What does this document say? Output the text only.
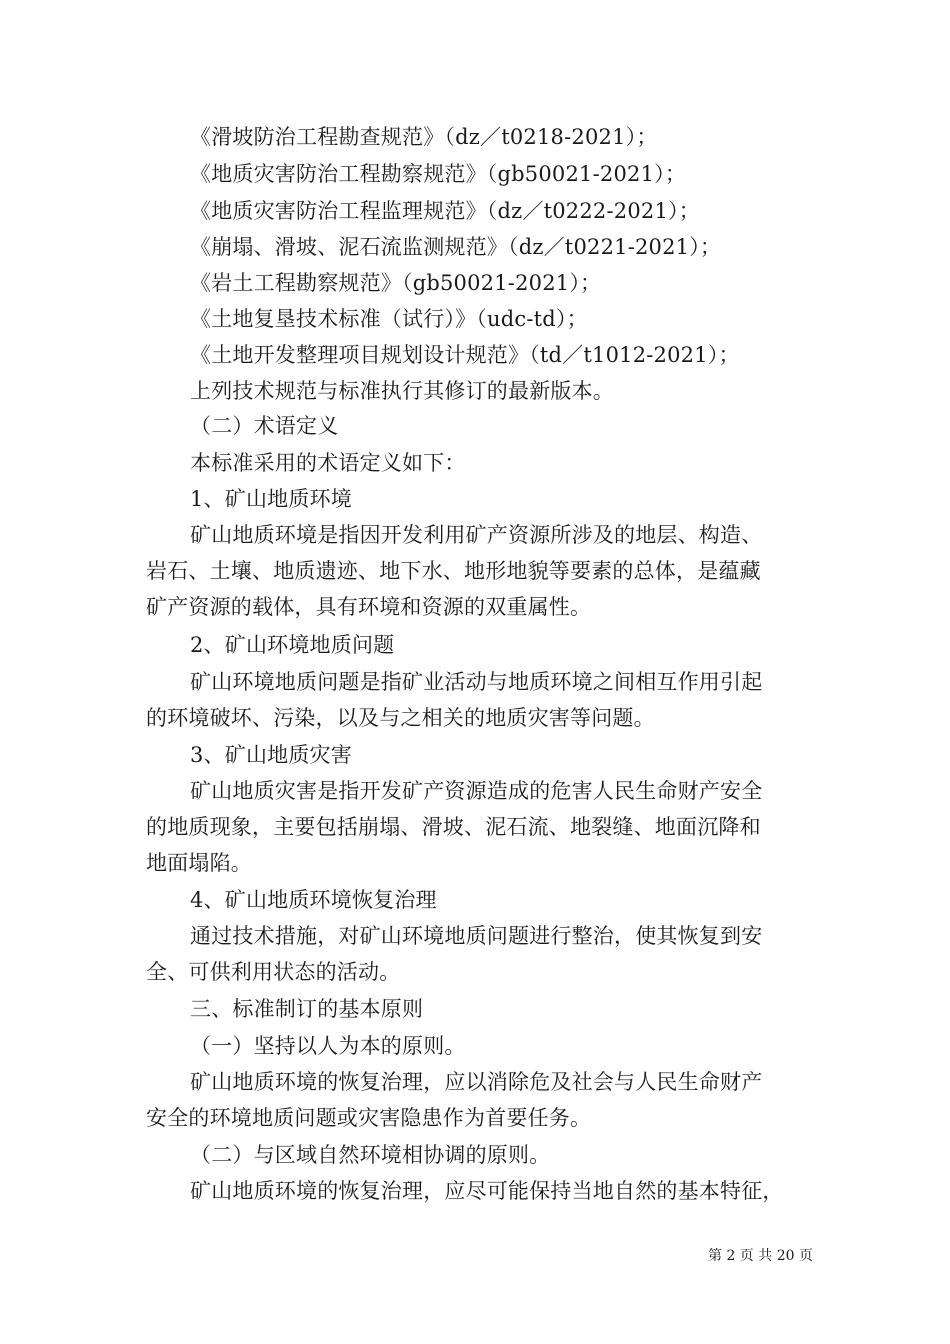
《滑坡防治工程勘查规范》（dz／t0218-2021）；
《地质灾害防治工程勘察规范》（gb50021-2021）；
《地质灾害防治工程监理规范》（dz／t0222-2021）；
《崩塌、滑坡、泥石流监测规范》（dz／t0221-2021）；
《岩土工程勘察规范》（gb50021-2021）；
《土地复垦技术标准（试行）》（udc-td）；
《土地开发整理项目规划设计规范》（td／t1012-2021）；
上列技术规范与标准执行其修订的最新版本。
（二）术语定义
本标准采用的术语定义如下：
1、矿山地质环境
矿山地质环境是指因开发利用矿产资源所涉及的地层、构造、
岩石、土壤、地质遗迹、地下水、地形地貌等要素的总体，是蕴藏
矿产资源的载体，具有环境和资源的双重属性。
2、矿山环境地质问题
矿山环境地质问题是指矿业活动与地质环境之间相互作用引起
的环境破坏、污染，以及与之相关的地质灾害等问题。
3、矿山地质灾害
矿山地质灾害是指开发矿产资源造成的危害人民生命财产安全
的地质现象，主要包括崩塌、滑坡、泥石流、地裂缝、地面沉降和
地面塌陷。
4、矿山地质环境恢复治理
通过技术措施，对矿山环境地质问题进行整治，使其恢复到安
全、可供利用状态的活动。
三、标准制订的基本原则
（一）坚持以人为本的原则。
矿山地质环境的恢复治理，应以消除危及社会与人民生命财产
安全的环境地质问题或灾害隐患作为首要任务。
（二）与区域自然环境相协调的原则。
矿山地质环境的恢复治理，应尽可能保持当地自然的基本特征，
第 2 页 共 20 页
